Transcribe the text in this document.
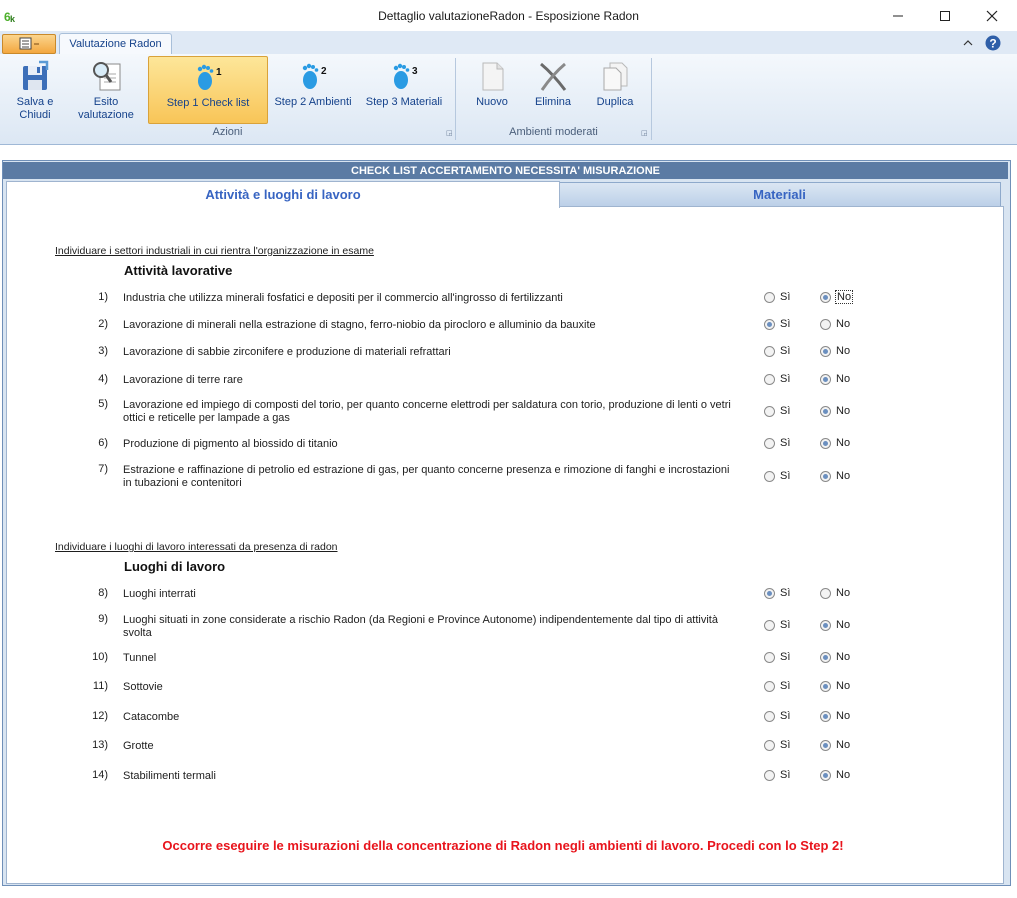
6 k	Dettaglio valutazioneRadon - Esposizione Radon
Valutazione Radon	?
Salva e
Chiudi
Esito
valutazione
1
Step 1 Check list
2
Step 2 Ambienti
3
Step 3 Materiali
Azioni	◲
Nuovo	Elimina	Duplica
Ambienti moderati	◲
CHECK LIST ACCERTAMENTO NECESSITA' MISURAZIONE
Materiali
Attività e luoghi di lavoro
Individuare i settori industriali in cui rientra l'organizzazione in esame
Attività lavorative
1) Industria che utilizza minerali fosfatici e depositi per il commercio all'ingrosso di fertilizzanti	Sì	No
2) Lavorazione di minerali nella estrazione di stagno, ferro-niobio da pirocloro e alluminio da bauxite	Sì	No
3) Lavorazione di sabbie zirconifere e produzione di materiali refrattari	Sì	No
4) Lavorazione di terre rare	Sì	No
5) Lavorazione ed impiego di composti del torio, per quanto concerne elettrodi per saldatura con torio, produzione di lenti o vetri ottici e reticelle per lampade a gas
Sì	No
6) Produzione di pigmento al biossido di titanio	Sì	No
7) Estrazione e raffinazione di petrolio ed estrazione di gas, per quanto concerne presenza e rimozione di fanghi e incrostazioni in tubazioni e contenitori
Sì	No
Individuare i luoghi di lavoro interessati da presenza di radon
Luoghi di lavoro
8) Luoghi interrati	Sì	No
9) Luoghi situati in zone considerate a rischio Radon (da Regioni e Province Autonome) indipendentemente dal tipo di attività svolta
Sì	No
10) Tunnel	Sì	No
11) Sottovie	Sì	No
12) Catacombe	Sì	No
13) Grotte	Sì	No
14) Stabilimenti termali	Sì	No
Occorre eseguire le misurazioni della concentrazione di Radon negli ambienti di lavoro. Procedi con lo Step 2!
